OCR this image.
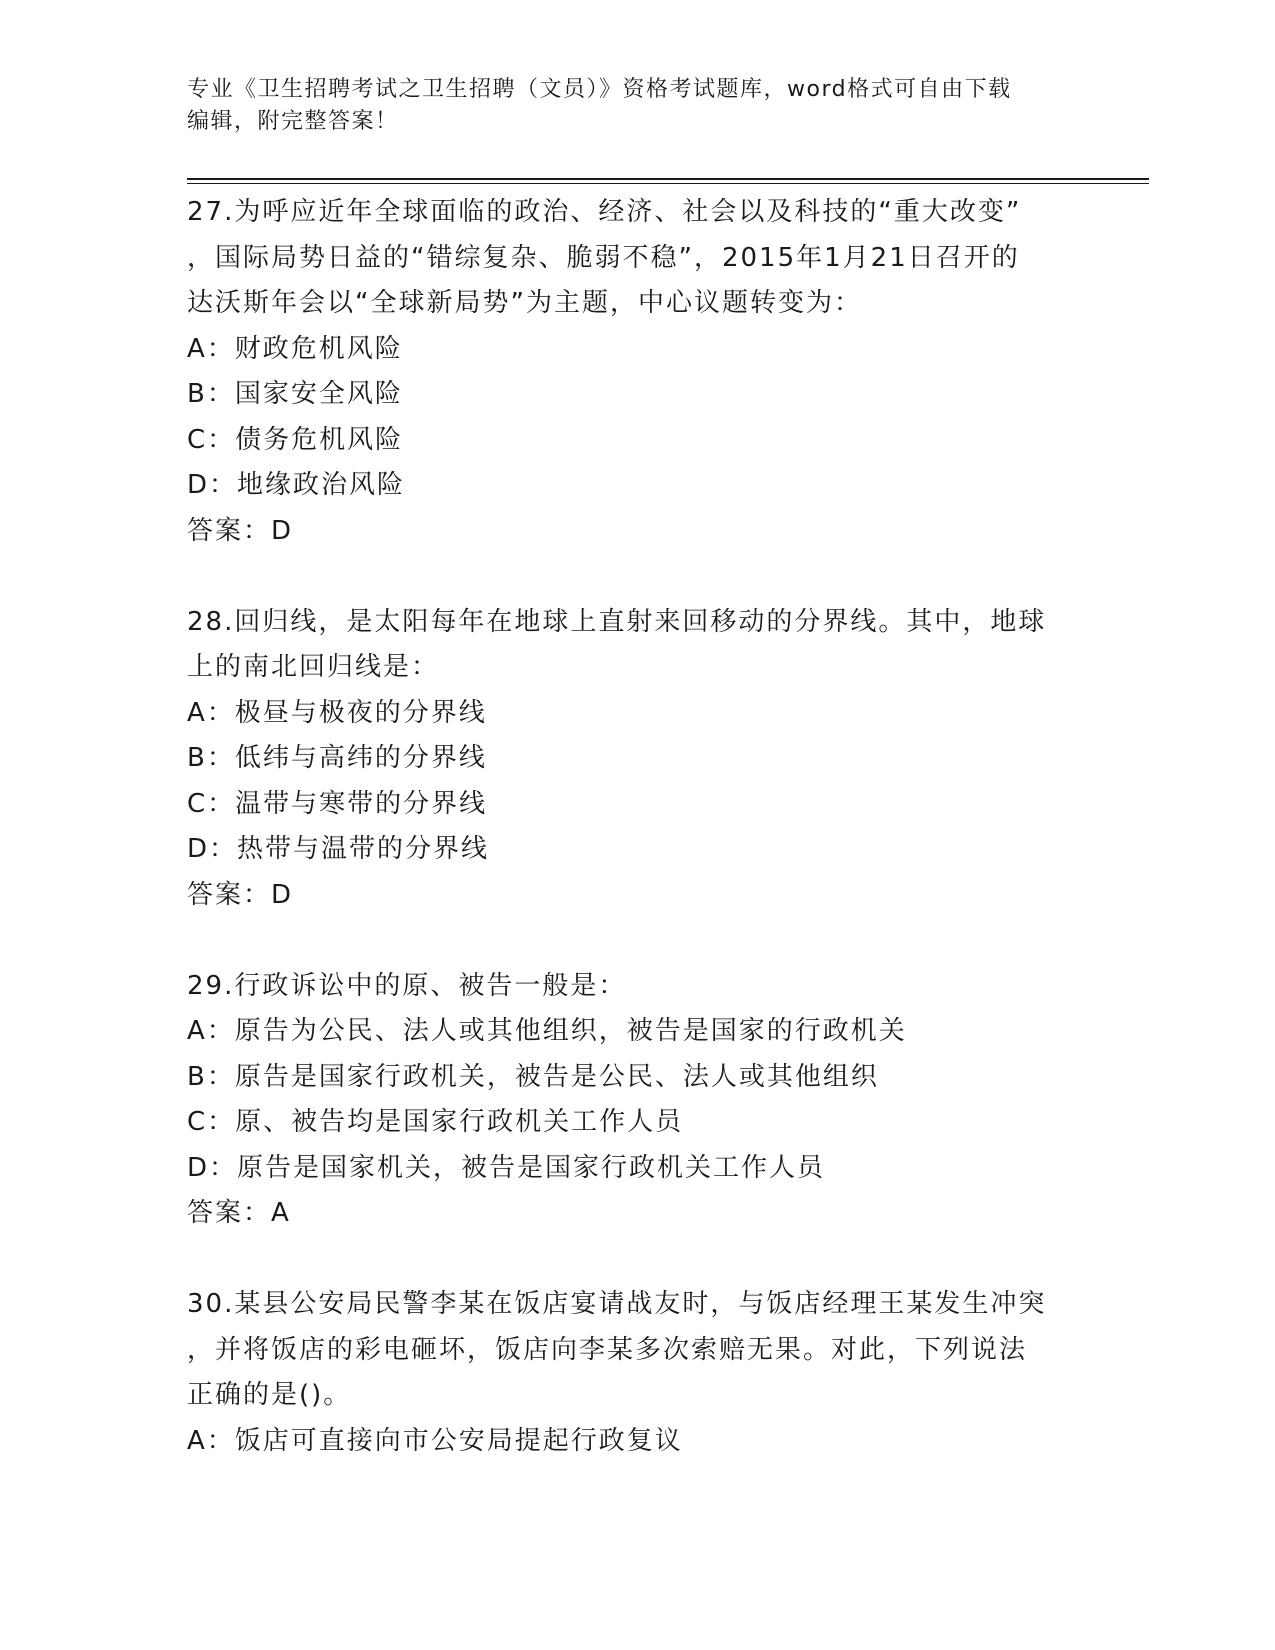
专业《卫生招聘考试之卫生招聘（文员）》资格考试题库，word格式可自由下载
编辑，附完整答案！
27.为呼应近年全球面临的政治、经济、社会以及科技的“重大改变”
，国际局势日益的“错综复杂、脆弱不稳”，2015年1月21日召开的
达沃斯年会以“全球新局势”为主题，中心议题转变为：
A：财政危机风险
B：国家安全风险
C：债务危机风险
D：地缘政治风险
答案：D
28.回归线，是太阳每年在地球上直射来回移动的分界线。其中，地球
上的南北回归线是：
A：极昼与极夜的分界线
B：低纬与高纬的分界线
C：温带与寒带的分界线
D：热带与温带的分界线
答案：D
29.行政诉讼中的原、被告一般是：
A：原告为公民、法人或其他组织，被告是国家的行政机关
B：原告是国家行政机关，被告是公民、法人或其他组织
C：原、被告均是国家行政机关工作人员
D：原告是国家机关，被告是国家行政机关工作人员
答案：A
30.某县公安局民警李某在饭店宴请战友时，与饭店经理王某发生冲突
，并将饭店的彩电砸坏，饭店向李某多次索赔无果。对此，下列说法
正确的是()。
A：饭店可直接向市公安局提起行政复议
